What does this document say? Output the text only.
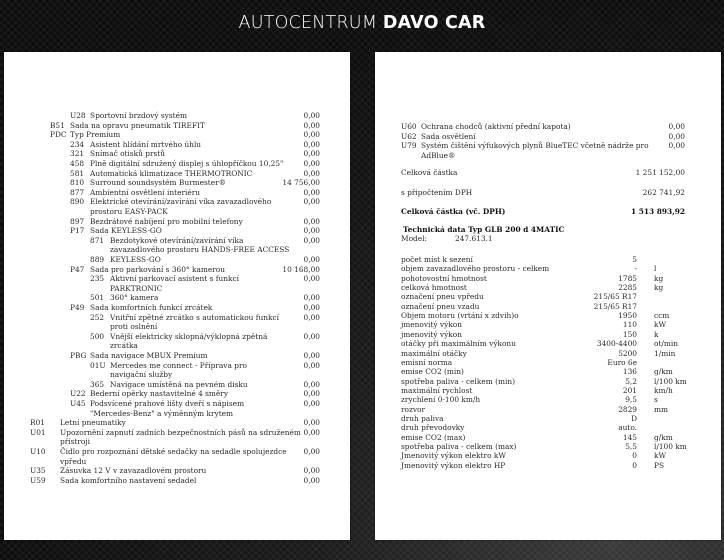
AUTOCENTRUM DAVO CAR
U28 Sportovní brzdový systém	0,00
B51 Sada na opravu pneumatik TIREFIT	0,00
PDC Typ Premium	0,00
234 Asistent hlídání mrtvého úhlu	0,00
321 Snímač otisků prstů	0,00
458 Plně digitální sdružený displej s úhlopříčkou 10,25"	0,00
581 Automatická klimatizace THERMOTRONIC	0,00
810 Surround soundsystém Burmester®	14 756,00
877 Ambientní osvětlení interiéru	0,00
890 Elektrické otevírání/zavírání víka zavazadlového	0,00
prostoru EASY-PACK
897 Bezdrátové nabíjení pro mobilní telefony	0,00
P17 Sada KEYLESS-GO	0,00
871 Bezdotykové otevírání/zavírání víka	0,00
zavazadlového prostoru HANDS-FREE ACCESS
889 KEYLESS-GO	0,00
P47 Sada pro parkování s 360° kamerou	10 168,00
235 Aktivní parkovací asistent s funkcí	0,00
PARKTRONIC
501 360° kamera	0,00
P49 Sada komfortních funkcí zrcátek	0,00
252 Vnitřní zpětné zrcátko s automatickou funkcí	0,00
proti oslnění
500 Vnější elektricky sklopná/výklopná zpětná	0,00
zrcátka
PBG Sada navigace MBUX Premium	0,00
01U Mercedes me connect - Příprava pro	0,00
navigační služby
365 Navigace umístěná na pevném disku	0,00
U22 Bederní opěrky nastavitelné 4 směry	0,00
U45 Podsvícené prahové lišty dveří s nápisem	0,00
"Mercedes-Benz" a výměnným krytem
R01 Letní pneumatiky	0,00
U01 Upozornění zapnutí zadních bezpečnostních pásů na sdruženém 0,00
přístroji
U10 Čidlo pro rozpoznání dětské sedačky na sedadle spolujezdce	0,00
vpředu
U35 Zásuvka 12 V v zavazadlovém prostoru	0,00
U59 Sada komfortního nastavení sedadel	0,00
U60 Ochrana chodců (aktivní přední kapota)	0,00
U62 Sada osvětlení	0,00
U79 Systém čištění výfukových plynů BlueTEC včetně nádrže pro	0,00
AdBlue®
Celková částka	1 251 152,00
s připočtením DPH	262 741,92
Celková částka (vč. DPH)	1 513 893,92
Technická data Typ GLB 200 d 4MATIC
Model:	247.613.1
počet míst k sezení	5
objem zavazadlového prostoru - celkem	- l
pohotovostní hmotnost	1785 kg
celková hmotnost	2285 kg
označení pneu vpředu	215/65 R17
označení pneu vzadu	215/65 R17
Objem motoru (vrtání x zdvih)o	1950 ccm
jmenovitý výkon	110 kW
jmenovitý výkon	150 k
otáčky při maximálním výkonu	3400-4400 ot/min
maximální otáčky	5200 1/min
emisní norma	Euro 6e
emise CO2 (min)	136 g/km
spotřeba paliva - celkem (min)	5,2 l/100 km
maximální rychlost	201 km/h
zrychlení 0-100 km/h	9,5 s
rozvor	2829 mm
druh paliva	D
druh převodovky	auto.
emise CO2 (max)	145 g/km
spotřeba paliva - celkem (max)	5,5 l/100 km
Jmenovitý výkon elektro kW	0 kW
Jmenovitý výkon elektro HP	0 PS
